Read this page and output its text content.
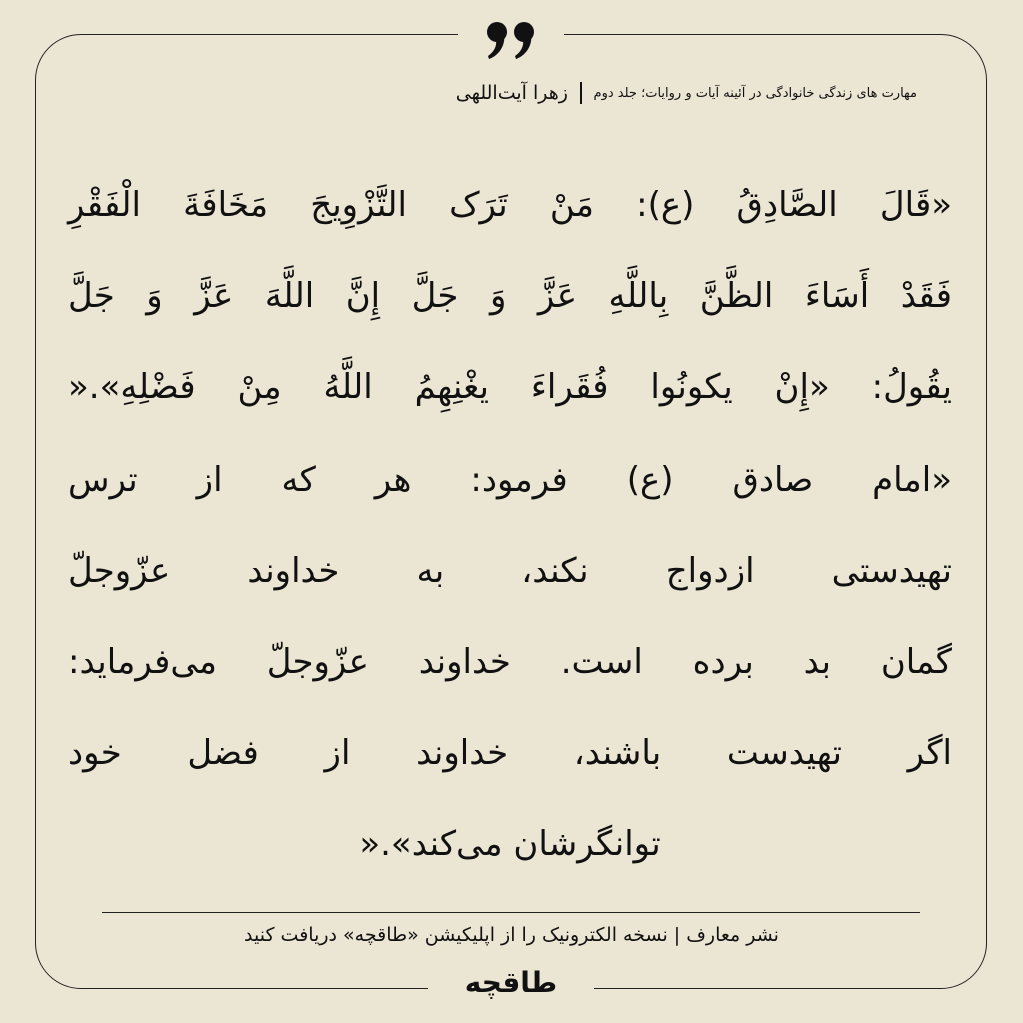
مهارت های زندگی خانوادگی در آئینه آیات و روایات؛ جلد دوم
زهرا آیت‌اللهی

«قَالَ الصَّادِقُ (ع): مَنْ تَرَک التَّزْوِیجَ مَخَافَةَ الْفَقْرِ
فَقَدْ أَسَاءَ الظَّنَّ بِاللَّهِ عَزَّ وَ جَلَّ إِنَّ اللَّهَ عَزَّ وَ جَلَّ
یقُولُ: «إِنْ یکونُوا فُقَراءَ یغْنِهِمُ اللَّهُ مِنْ فَضْلِهِ».«

«امام صادق (ع) فرمود: هر که از ترس
تهیدستی ازدواج نکند، به خداوند عزّوجلّ
گمان بد برده است. خداوند عزّوجلّ می‌فرماید:
اگر تهیدست باشند، خداوند از فضل خود
توانگرشان می‌کند».«

نشر معارف | نسخه الکترونیک را از اپلیکیشن «طاقچه» دریافت کنید
طاقچه
